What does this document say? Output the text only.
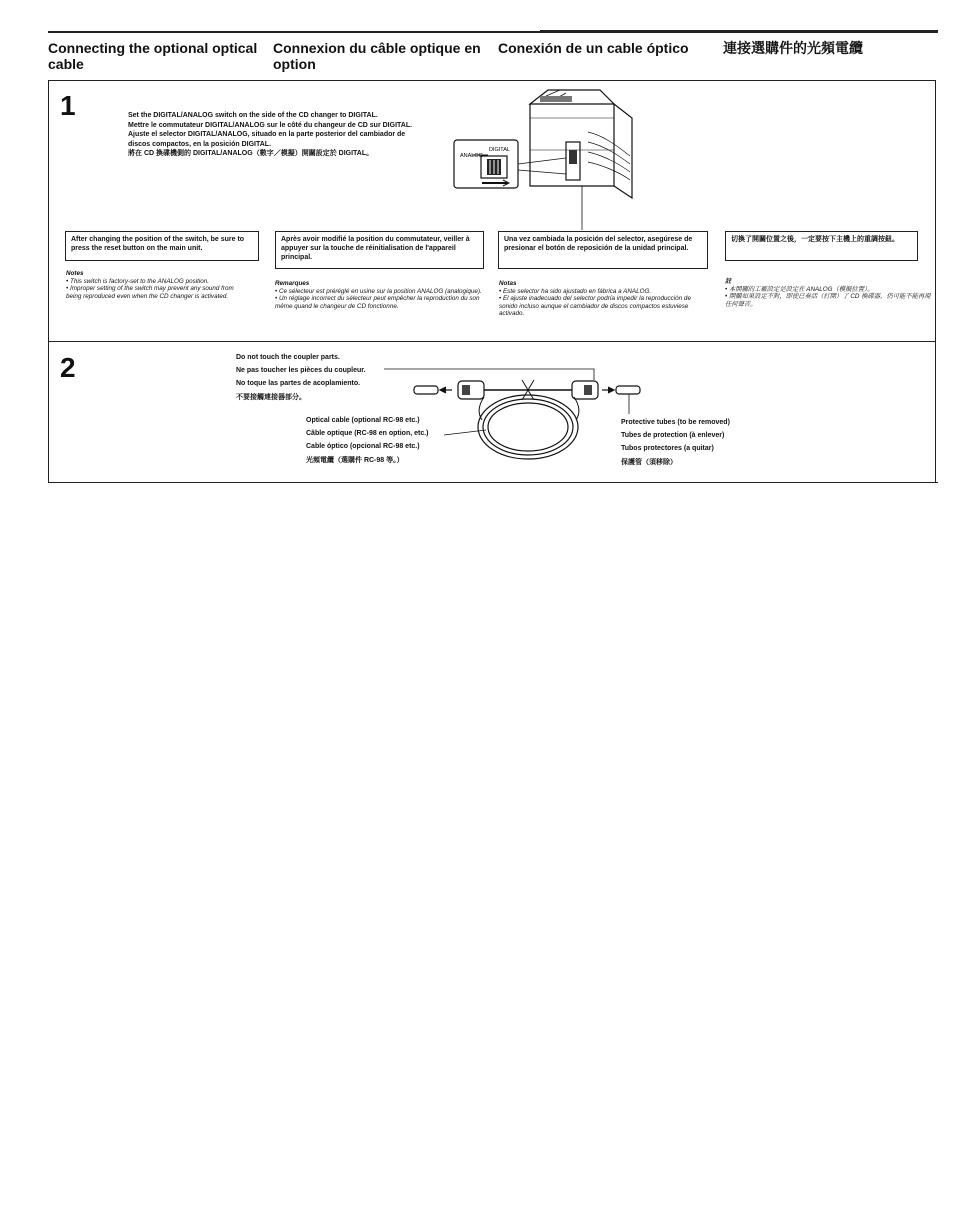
Connecting the optional optical cable
Connexion du câble optique en option
Conexión de un cable óptico	連接選購件的光頻電纜
1	Set the DIGITAL/ANALOG switch on the side of the CD changer to DIGITAL.
Mettre le commutateur DIGITAL/ANALOG sur le côté du changeur de CD sur DIGITAL.
Ajuste el selector DIGITAL/ANALOG, situado en la parte posterior del cambiador de discos compactos, en la posición DIGITAL.
將在 CD 換碟機側的 DIGITAL/ANALOG（數字／模擬）開關設定於 DIGITAL。	DIGITAL
ANALOG
After changing the position of the switch, be sure to press the reset button on the main unit.
Après avoir modifié la position du commutateur, veiller à appuyer sur la touche de réinitialisation de l'appareil principal.
Una vez cambiada la posición del selector, asegúrese de presionar el botón de reposición de la unidad principal.
切換了開關位置之後，一定要按下主機上的重調按鈕。
Notes
• This switch is factory-set to the ANALOG position.
• Improper setting of the switch may prevent any sound from being reproduced even when the CD changer is activated.
Remarques
• Ce sélecteur est préréglé en usine sur la position ANALOG (analogique).
• Un réglage incorrect du sélecteur peut empêcher la reproduction du son même quand le changeur de CD fonctionne.
Notas
• Este selector ha sido ajustado en fábrica a ANALOG.
• El ajuste inadecuado del selector podría impedir la reproducción de sonido incluso aunque el cambiador de discos compactos estuviese activado.
註
• 本開關的工廠設定是設定在 ANALOG（模擬位置）。
• 開關如果設定不對，即使已奏活（打開）了 CD 換碟器，仍可能不能再現任何聲音。
2	Do not touch the coupler parts.
Ne pas toucher les pièces du coupleur.
No toque las partes de acoplamiento.
不要接觸連接器部分。
Optical cable (optional RC-98 etc.)
Câble optique (RC-98 en option, etc.)
Cable óptico (opcional RC-98 etc.)
光頻電纜（選購件 RC-98 等。）
Protective tubes (to be removed)
Tubes de protection (à enlever)
Tubos protectores (a quitar)
保護管（須移除）
